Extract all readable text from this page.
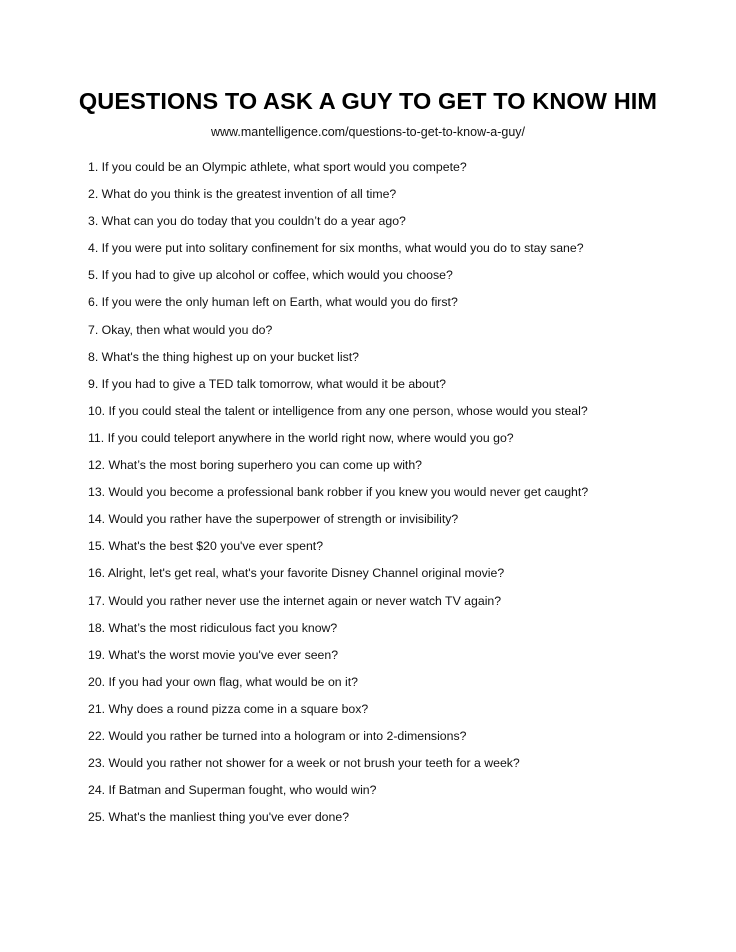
QUESTIONS TO ASK A GUY TO GET TO KNOW HIM
www.mantelligence.com/questions-to-get-to-know-a-guy/
1. If you could be an Olympic athlete, what sport would you compete?
2. What do you think is the greatest invention of all time?
3. What can you do today that you couldn’t do a year ago?
4. If you were put into solitary confinement for six months, what would you do to stay sane?
5. If you had to give up alcohol or coffee, which would you choose?
6. If you were the only human left on Earth, what would you do first?
7. Okay, then what would you do?
8. What's the thing highest up on your bucket list?
9. If you had to give a TED talk tomorrow, what would it be about?
10. If you could steal the talent or intelligence from any one person, whose would you steal?
11. If you could teleport anywhere in the world right now, where would you go?
12. What’s the most boring superhero you can come up with?
13. Would you become a professional bank robber if you knew you would never get caught?
14. Would you rather have the superpower of strength or invisibility?
15. What's the best $20 you've ever spent?
16. Alright, let's get real, what's your favorite Disney Channel original movie?
17. Would you rather never use the internet again or never watch TV again?
18. What’s the most ridiculous fact you know?
19. What's the worst movie you've ever seen?
20. If you had your own flag, what would be on it?
21. Why does a round pizza come in a square box?
22. Would you rather be turned into a hologram or into 2-dimensions?
23. Would you rather not shower for a week or not brush your teeth for a week?
24. If Batman and Superman fought, who would win?
25. What's the manliest thing you've ever done?
